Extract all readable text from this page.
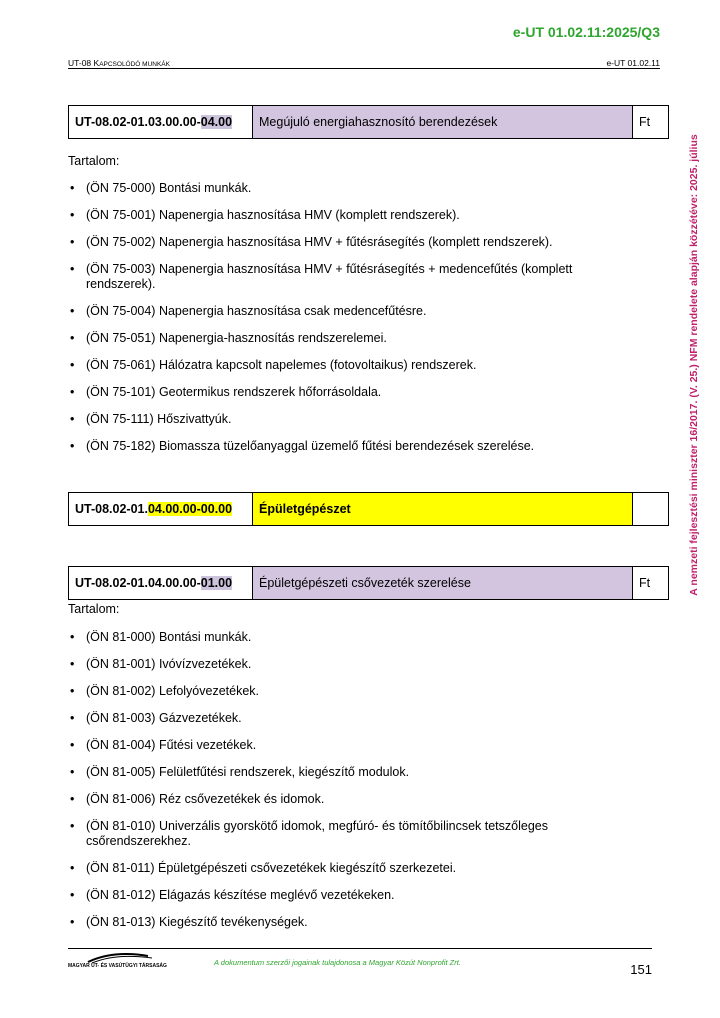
e-UT 01.02.11:2025/Q3
UT-08 KAPCSOLÓDÓ MUNKÁK	e-UT 01.02.11
A nemzeti fejlesztési miniszter 16/2017. (V. 25.) NFM rendelete alapján közzétéve: 2025. július
UT-08.02-01.03.00.00-04.00	Megújuló energiahasznosító berendezések	Ft
Tartalom:
• (ÖN 75-000) Bontási munkák.
• (ÖN 75-001) Napenergia hasznosítása HMV (komplett rendszerek).
• (ÖN 75-002) Napenergia hasznosítása HMV + fűtésrásegítés (komplett rendszerek).
• (ÖN 75-003) Napenergia hasznosítása HMV + fűtésrásegítés + medencefűtés (komplett rendszerek).
• (ÖN 75-004) Napenergia hasznosítása csak medencefűtésre.
• (ÖN 75-051) Napenergia-hasznosítás rendszerelemei.
• (ÖN 75-061) Hálózatra kapcsolt napelemes (fotovoltaikus) rendszerek.
• (ÖN 75-101) Geotermikus rendszerek hőforrásoldala.
• (ÖN 75-111) Hőszivattyúk.
• (ÖN 75-182) Biomassza tüzelőanyaggal üzemelő fűtési berendezések szerelése.
UT-08.02-01.04.00.00-00.00	Épületgépészet	
UT-08.02-01.04.00.00-01.00	Épületgépészeti csővezeték szerelése	Ft
Tartalom:
• (ÖN 81-000) Bontási munkák.
• (ÖN 81-001) Ivóvízvezetékek.
• (ÖN 81-002) Lefolyóvezetékek.
• (ÖN 81-003) Gázvezetékek.
• (ÖN 81-004) Fűtési vezetékek.
• (ÖN 81-005) Felületfűtési rendszerek, kiegészítő modulok.
• (ÖN 81-006) Réz csővezetékek és idomok.
• (ÖN 81-010) Univerzális gyorskötő idomok, megfúró- és tömítőbilincsek tetszőleges csőrendszerekhez.
• (ÖN 81-011) Épületgépészeti csővezetékek kiegészítő szerkezetei.
• (ÖN 81-012) Elágazás készítése meglévő vezetékeken.
• (ÖN 81-013) Kiegészítő tevékenységek.
MAGYAR ÚT- ÉS VASÚTÜGYI TÁRSASÁG	A dokumentum szerzői jogainak tulajdonosa a Magyar Közút Nonprofit Zrt.	151
